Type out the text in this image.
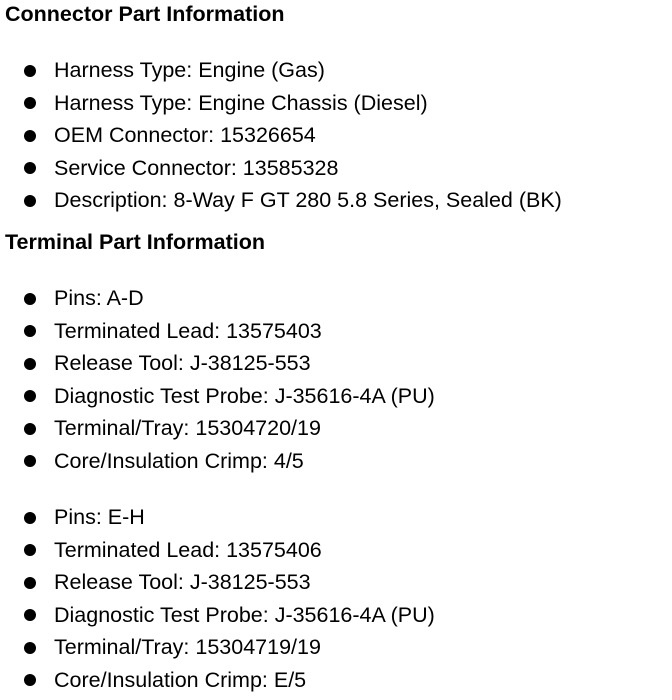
Connector Part Information
Harness Type: Engine (Gas)
Harness Type: Engine Chassis (Diesel)
OEM Connector: 15326654
Service Connector: 13585328
Description: 8-Way F GT 280 5.8 Series, Sealed (BK)
Terminal Part Information
Pins: A-D
Terminated Lead: 13575403
Release Tool: J-38125-553
Diagnostic Test Probe: J-35616-4A (PU)
Terminal/Tray: 15304720/19
Core/Insulation Crimp: 4/5
Pins: E-H
Terminated Lead: 13575406
Release Tool: J-38125-553
Diagnostic Test Probe: J-35616-4A (PU)
Terminal/Tray: 15304719/19
Core/Insulation Crimp: E/5
